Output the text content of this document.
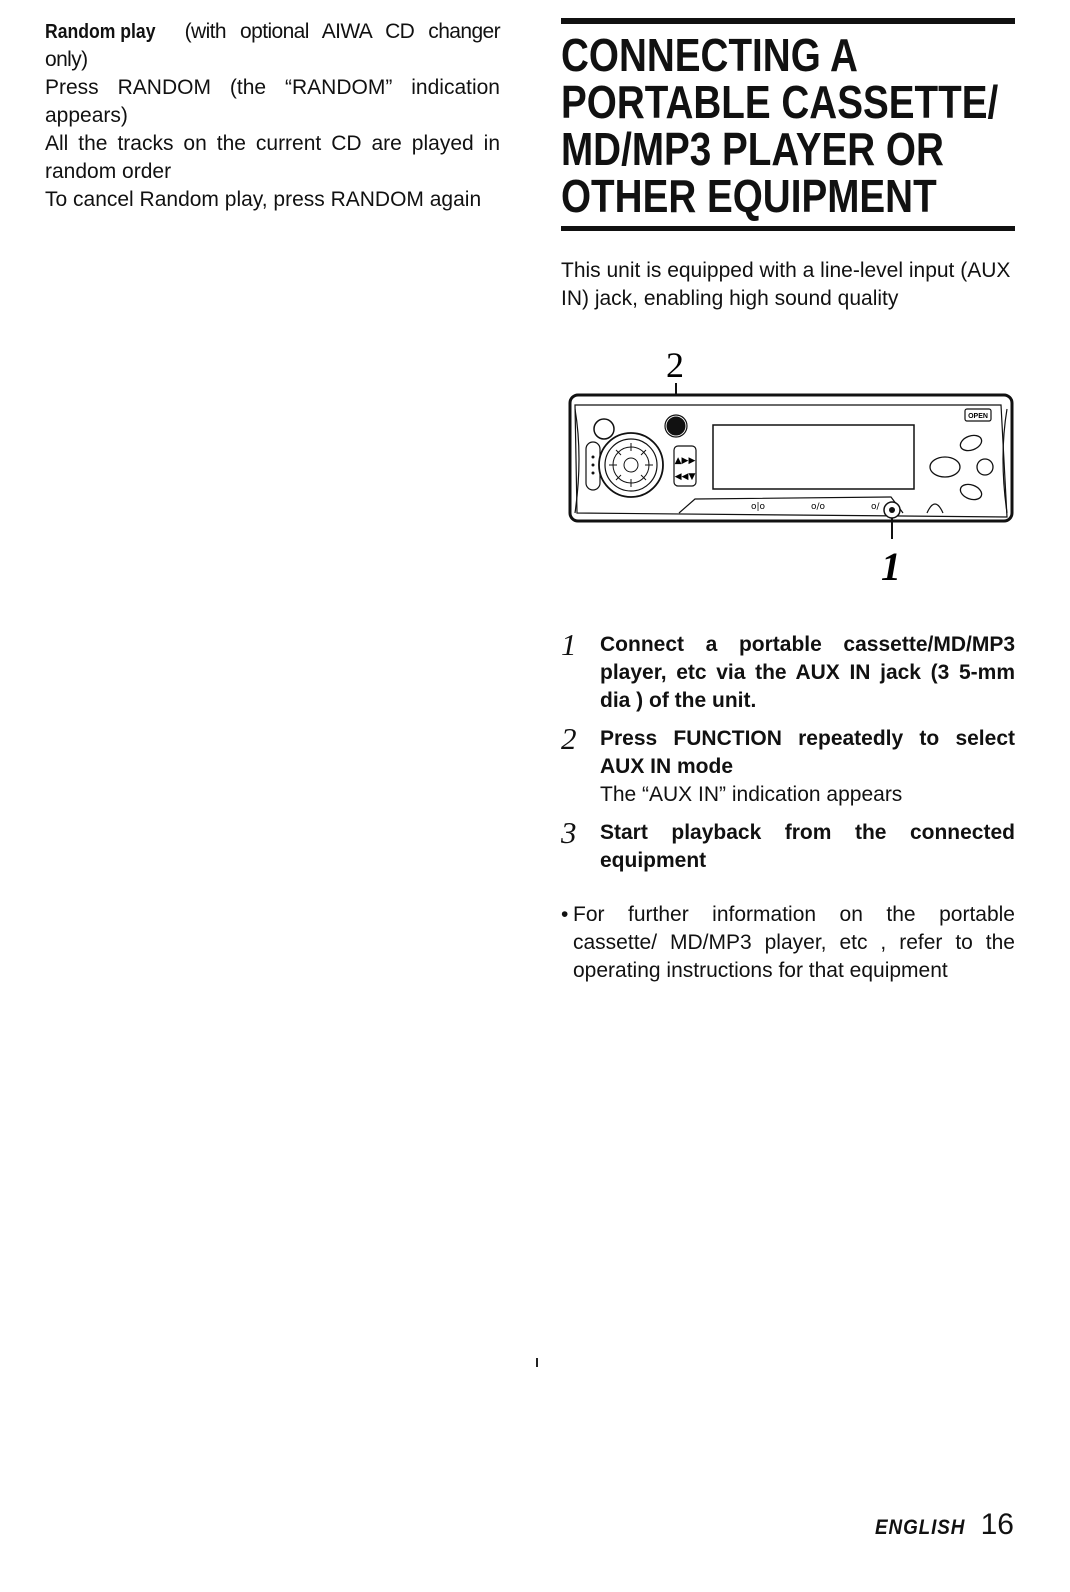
Random play (with optional AIWA CD changer only)

Press RANDOM (the “RANDOM” indication appears)

All the tracks on the current CD are played in random order

To cancel Random play, press RANDOM again

CONNECTING A
PORTABLE CASSETTE/
MD/MP3 PLAYER OR
OTHER EQUIPMENT

This unit is equipped with a line-level input (AUX IN) jack, enabling high sound quality

2
▲▶▶
◀◀▼
OPEN
o|o	o/o	o/
1
1 Connect a portable cassette/MD/MP3 player, etc via the AUX IN jack (3 5-mm dia ) of the unit.
2 Press FUNCTION repeatedly to select AUX IN mode
The “AUX IN” indication appears
3 Start playback from the connected equipment
• For further information on the portable cassette/ MD/MP3 player, etc , refer to the operating instructions for that equipment
ENGLISH 16
